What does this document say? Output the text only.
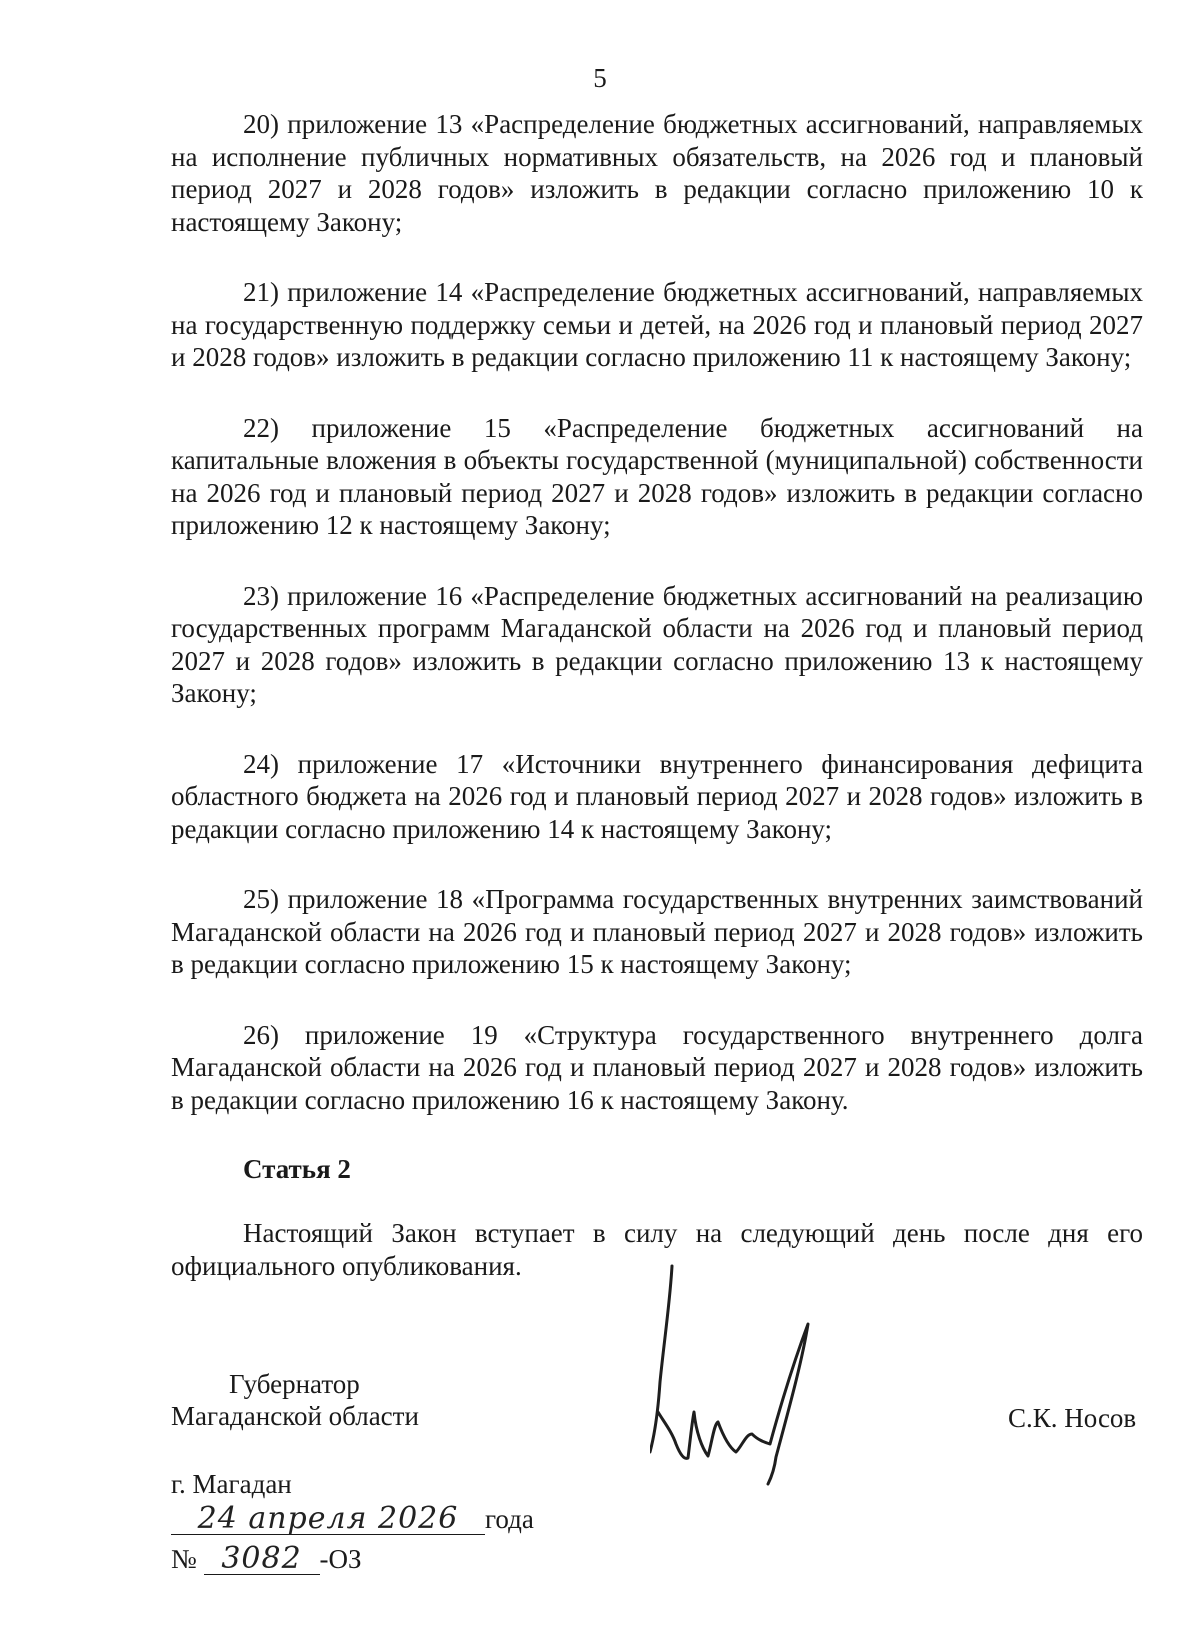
5

20) приложение 13 «Распределение бюджетных ассигнований, направляемых на исполнение публичных нормативных обязательств, на 2026 год и плановый период 2027 и 2028 годов» изложить в редакции согласно приложению 10 к настоящему Закону;

21) приложение 14 «Распределение бюджетных ассигнований, направляемых на государственную поддержку семьи и детей, на 2026 год и плановый период 2027 и 2028 годов» изложить в редакции согласно приложению 11 к настоящему Закону;

22) приложение 15 «Распределение бюджетных ассигнований на капитальные вложения в объекты государственной (муниципальной) собственности на 2026 год и плановый период 2027 и 2028 годов» изложить в редакции согласно приложению 12 к настоящему Закону;

23) приложение 16 «Распределение бюджетных ассигнований на реализацию государственных программ Магаданской области на 2026 год и плановый период 2027 и 2028 годов» изложить в редакции согласно приложению 13 к настоящему Закону;

24) приложение 17 «Источники внутреннего финансирования дефицита областного бюджета на 2026 год и плановый период 2027 и 2028 годов» изложить в редакции согласно приложению 14 к настоящему Закону;

25) приложение 18 «Программа государственных внутренних заимствований Магаданской области на 2026 год и плановый период 2027 и 2028 годов» изложить в редакции согласно приложению 15 к настоящему Закону;

26) приложение 19 «Структура государственного внутреннего долга Магаданской области на 2026 год и плановый период 2027 и 2028 годов» изложить в редакции согласно приложению 16 к настоящему Закону.

Статья 2

Настоящий Закон вступает в силу на следующий день после дня его официального опубликования.

Губернатор
Магаданской области	С.К. Носов
г. Магадан
24 апреля 2026 года
№ 3082 -ОЗ
